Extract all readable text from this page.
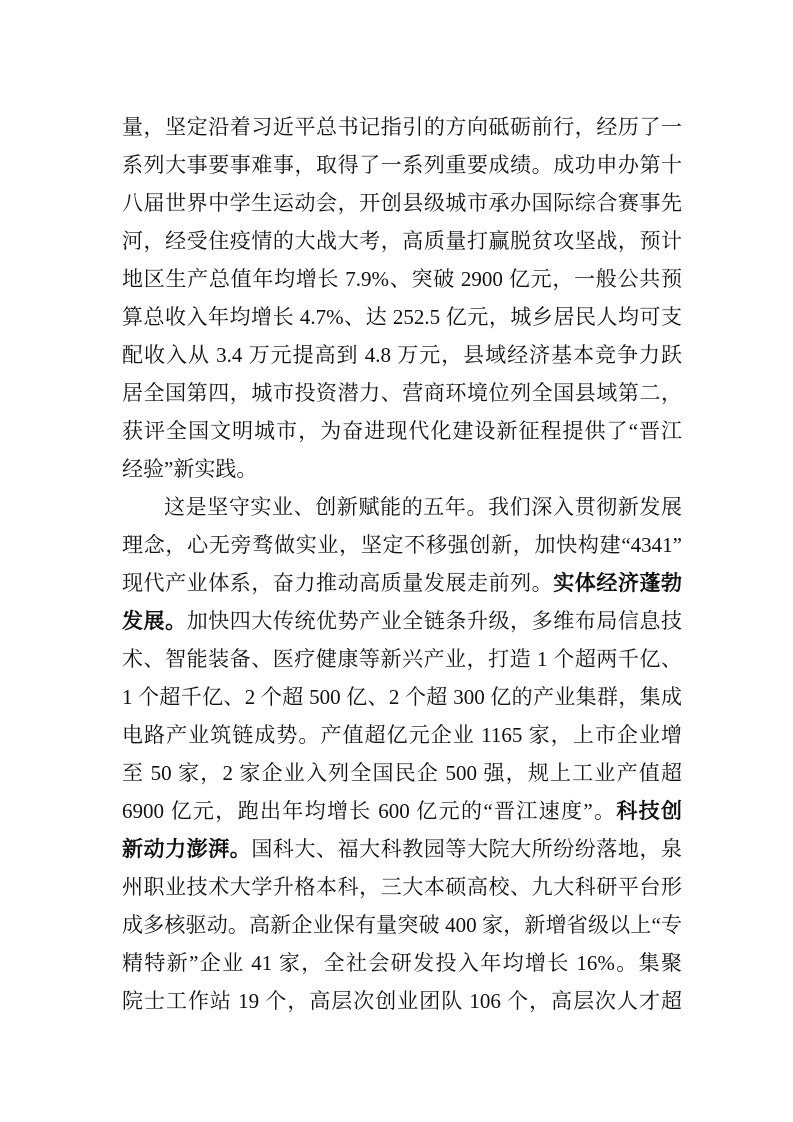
量，坚定沿着习近平总书记指引的方向砥砺前行，经历了一
系列大事要事难事，取得了一系列重要成绩。成功申办第十
八届世界中学生运动会，开创县级城市承办国际综合赛事先
河，经受住疫情的大战大考，高质量打赢脱贫攻坚战，预计
地区生产总值年均增长 7.9%、突破 2900 亿元，一般公共预
算总收入年均增长 4.7%、达 252.5 亿元，城乡居民人均可支
配收入从 3.4 万元提高到 4.8 万元，县域经济基本竞争力跃
居全国第四，城市投资潜力、营商环境位列全国县域第二，
获评全国文明城市，为奋进现代化建设新征程提供了“晋江
经验”新实践。
这是坚守实业、创新赋能的五年。我们深入贯彻新发展
理念，心无旁骛做实业，坚定不移强创新，加快构建“4341”
现代产业体系，奋力推动高质量发展走前列。实体经济蓬勃
发展。加快四大传统优势产业全链条升级，多维布局信息技
术、智能装备、医疗健康等新兴产业，打造 1 个超两千亿、
1 个超千亿、2 个超 500 亿、2 个超 300 亿的产业集群，集成
电路产业筑链成势。产值超亿元企业 1165 家，上市企业增
至 50 家，2 家企业入列全国民企 500 强，规上工业产值超
6900 亿元，跑出年均增长 600 亿元的“晋江速度”。科技创
新动力澎湃。国科大、福大科教园等大院大所纷纷落地，泉
州职业技术大学升格本科，三大本硕高校、九大科研平台形
成多核驱动。高新企业保有量突破 400 家，新增省级以上“专
精特新”企业 41 家，全社会研发投入年均增长 16%。集聚
院士工作站 19 个，高层次创业团队 106 个，高层次人才超
